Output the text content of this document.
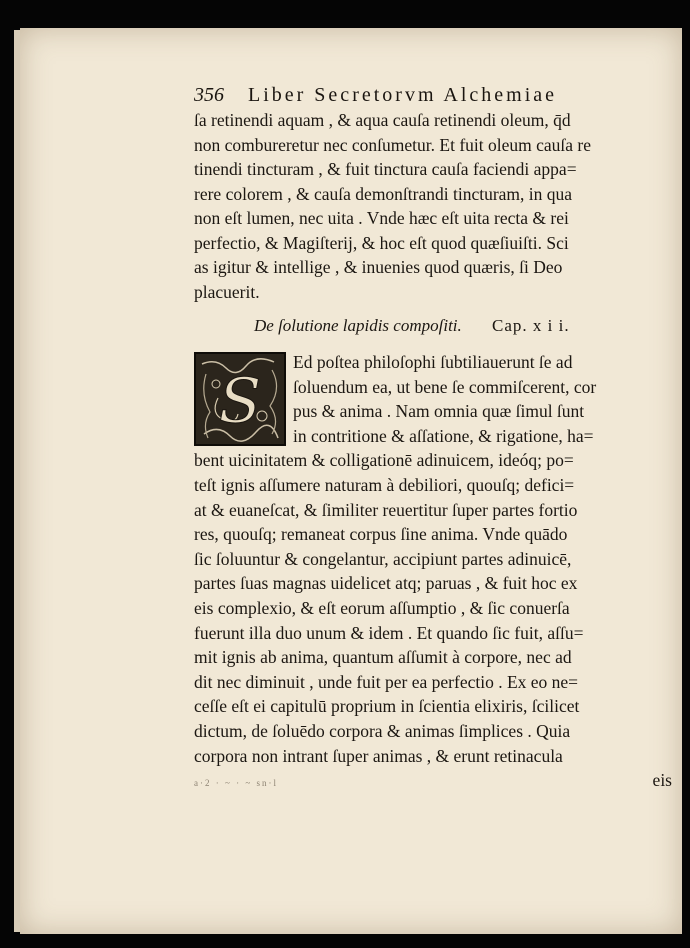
356 Liber Secretorvm Alchemiae
ſa retinendi aquam , & aqua cauſa retinendi oleum, q̄d
non combureretur nec conſumetur. Et fuit oleum cauſa re
tinendi tincturam , & fuit tinctura cauſa faciendi appa=
rere colorem , & cauſa demonſtrandi tincturam, in qua
non eſt lumen, nec uita . Vnde hæc eſt uita recta & rei
perfectio, & Magiſterij, & hoc eſt quod quæſiuiſti. Sci
as igitur & intellige , & inuenies quod quæris, ſi Deo
placuerit.
De ſolutione lapidis compoſiti. Cap. x i i.
S
Ed poſtea philoſophi ſubtiliauerunt ſe ad
ſoluendum ea, ut bene ſe commiſcerent, cor
pus & anima . Nam omnia quæ ſimul ſunt
in contritione & aſſatione, & rigatione, ha=
bent uicinitatem & colligationē adinuicem, ideóq; po=
teſt ignis aſſumere naturam à debiliori, quouſq; defici=
at & euaneſcat, & ſimiliter reuertitur ſuper partes fortio
res, quouſq; remaneat corpus ſine anima. Vnde quādo
ſic ſoluuntur & congelantur, accipiunt partes adinuicē,
partes ſuas magnas uidelicet atq; paruas , & fuit hoc ex
eis complexio, & eſt eorum aſſumptio , & ſic conuerſa
fuerunt illa duo unum & idem . Et quando ſic fuit, aſſu=
mit ignis ab anima, quantum aſſumit à corpore, nec ad
dit nec diminuit , unde fuit per ea perfectio . Ex eo ne=
ceſſe eſt ei capitulū proprium in ſcientia elixiris, ſcilicet
dictum, de ſoluēdo corpora & animas ſimplices . Quia
corpora non intrant ſuper animas , & erunt retinacula
eis
a·2 · ~ · ~ sn·l
